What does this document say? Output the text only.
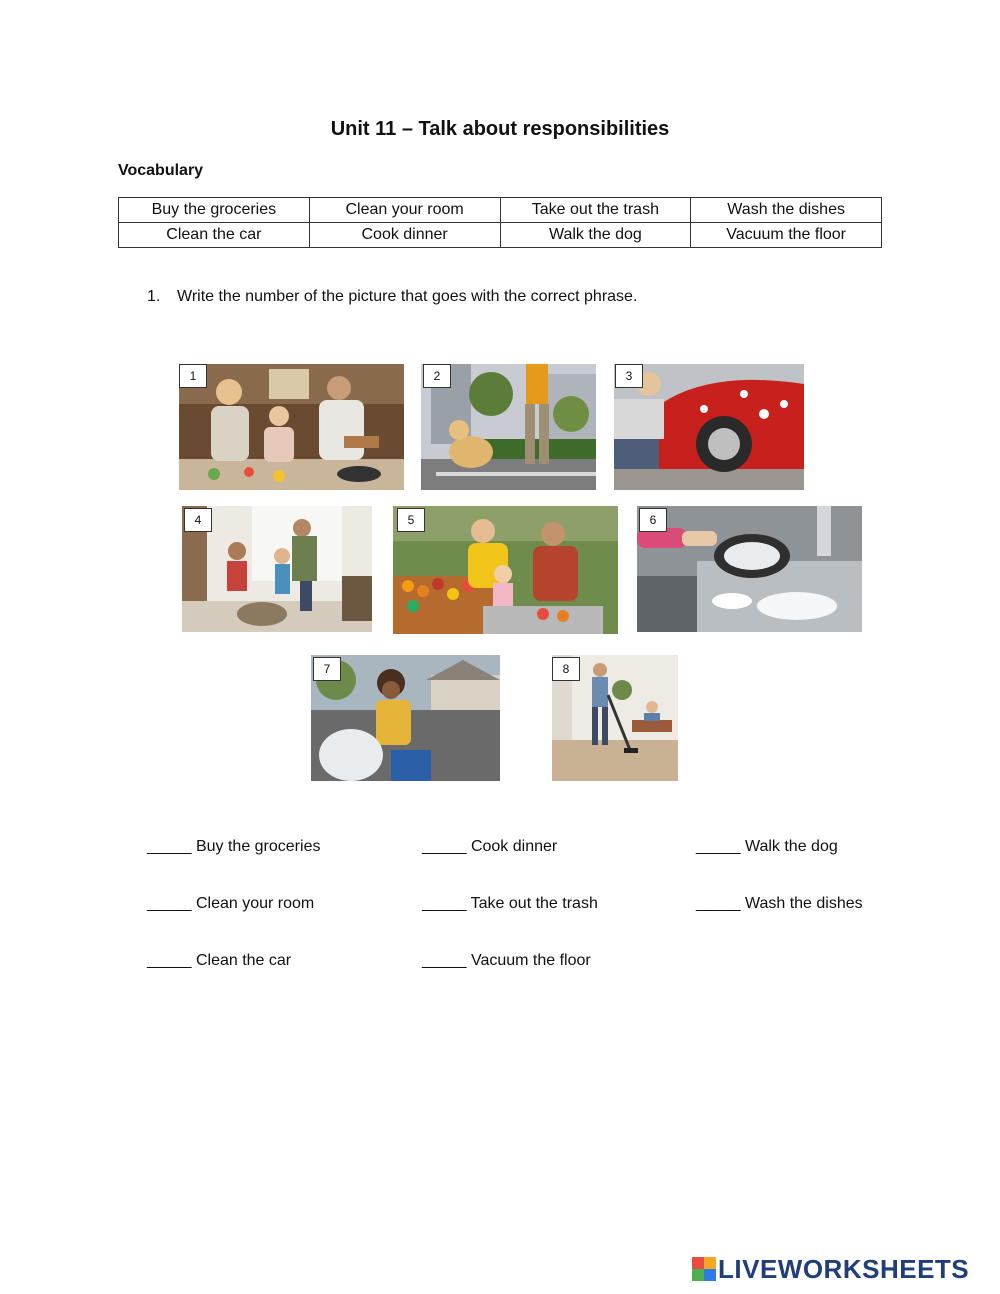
Unit 11 – Talk about responsibilities
Vocabulary
Buy the groceries	Clean your room	Take out the trash	Wash the dishes
Clean the car	Cook dinner	Walk the dog	Vacuum the floor
1. Write the number of the picture that goes with the correct phrase.
1	2	3
4	5	6
7	8
_____ Buy the groceries	_____ Cook dinner	_____ Walk the dog
_____ Clean your room	_____ Take out the trash	_____ Wash the dishes
_____ Clean the car	_____ Vacuum the floor
LIVEWORKSHEETS
